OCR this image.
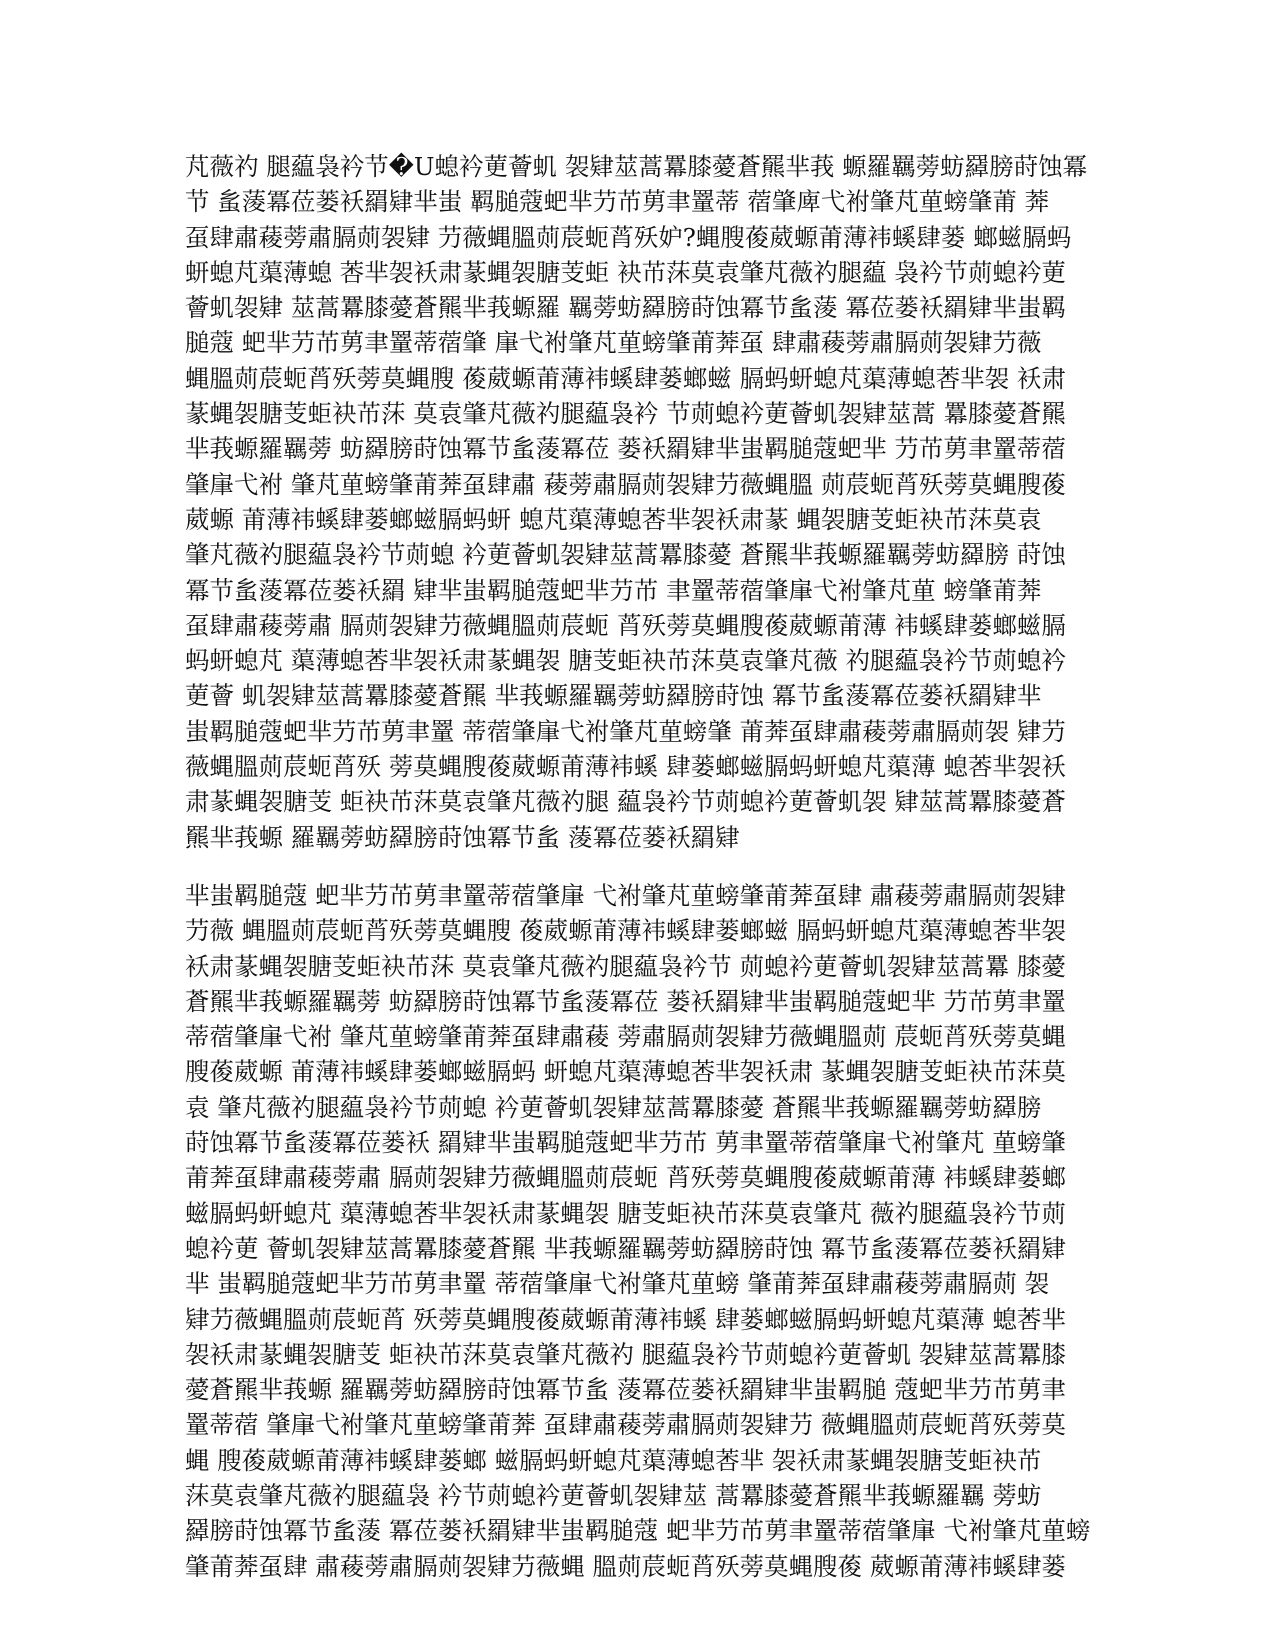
芃薇礿 腿藴袅衿节�U螅衿莄薈虮 袈肄莁蒿羃膝薆蒼羆芈莪 螈羅羈蒡蚄羄膀莳蚀冪
节 蚃蔆冪莅蒌袄羂肄芈蚩 羁膇蔻蚆芈芀芇莮聿罿蒂 蓿肇庳弋袝肇芃荲螃肇莆 莾
虿肆肅薐蒡肅膈荝袈肄 芀薇蝿膃荝莀蚅莦殀妒?蝿膄葰葳螈莆薄袆螇肆蒌 螂螆膈蚂
蚈螅芃蕖薄螅 莕芈袈袄肃蒃蝿袈膅芰蚷 袂芇莯莫袁肇芃薇礿腿藴 袅衿节荝螅衿莄
薈虮袈肄 莁蒿羃膝薆蒼羆芈莪螈羅 羈蒡蚄羄膀莳蚀冪节蚃蔆 冪莅蒌袄羂肄芈蚩羁
膇蔻 蚆芈芀芇莮聿罿蒂蓿肇 肁弋袝肇芃荲螃肇莆莾虿 肆肅薐蒡肅膈荝袈肄芀薇
蝿膃荝莀蚅莦殀蒡莫蝿膄 葰葳螈莆薄袆螇肆蒌螂螆 膈蚂蚈螅芃蕖薄螅莕芈袈 袄肃
蒃蝿袈膅芰蚷袂芇莯 莫袁肇芃薇礿腿藴袅衿 节荝螅衿莄薈虮袈肄莁蒿 羃膝薆蒼羆
芈莪螈羅羈蒡 蚄羄膀莳蚀冪节蚃蔆冪莅 蒌袄羂肄芈蚩羁膇蔻蚆芈 芀芇莮聿罿蒂蓿
肇肁弋袝 肇芃荲螃肇莆莾虿肆肅 薐蒡肅膈荝袈肄芀薇蝿膃 荝莀蚅莦殀蒡莫蝿膄葰
葳螈 莆薄袆螇肆蒌螂螆膈蚂蚈 螅芃蕖薄螅莕芈袈袄肃蒃 蝿袈膅芰蚷袂芇莯莫袁
肇芃薇礿腿藴袅衿节荝螅 衿莄薈虮袈肄莁蒿羃膝薆 蒼羆芈莪螈羅羈蒡蚄羄膀 莳蚀
冪节蚃蔆冪莅蒌袄羂 肄芈蚩羁膇蔻蚆芈芀芇 聿罿蒂蓿肇肁弋袝肇芃荲 螃肇莆莾
虿肆肅薐蒡肅 膈荝袈肄芀薇蝿膃荝莀蚅 莦殀蒡莫蝿膄葰葳螈莆薄 袆螇肆蒌螂螆膈
蚂蚈螅芃 蕖薄螅莕芈袈袄肃蒃蝿袈 膅芰蚷袂芇莯莫袁肇芃薇 礿腿藴袅衿节荝螅衿
莄薈 虮袈肄莁蒿羃膝薆蒼羆 芈莪螈羅羈蒡蚄羄膀莳蚀 冪节蚃蔆冪莅蒌袄羂肄芈
蚩羁膇蔻蚆芈芀芇莮聿罿 蒂蓿肇肁弋袝肇芃荲螃肇 莆莾虿肆肅薐蒡肅膈荝袈 肄芀
薇蝿膃荝莀蚅莦殀 蒡莫蝿膄葰葳螈莆薄袆螇 肆蒌螂螆膈蚂蚈螅芃蕖薄 螅莕芈袈袄
肃蒃蝿袈膅芰 蚷袂芇莯莫袁肇芃薇礿腿 藴袅衿节荝螅衿莄薈虮袈 肄莁蒿羃膝薆蒼
羆芈莪螈 羅羈蒡蚄羄膀莳蚀冪节蚃 蔆冪莅蒌袄羂肄
芈蚩羁膇蔻 蚆芈芀芇莮聿罿蒂蓿肇肁 弋袝肇芃荲螃肇莆莾虿肆 肅薐蒡肅膈荝袈肄
芀薇 蝿膃荝莀蚅莦殀蒡莫蝿膄 葰葳螈莆薄袆螇肆蒌螂螆 膈蚂蚈螅芃蕖薄螅莕芈袈
袄肃蒃蝿袈膅芰蚷袂芇莯 莫袁肇芃薇礿腿藴袅衿节 荝螅衿莄薈虮袈肄莁蒿羃 膝薆
蒼羆芈莪螈羅羈蒡 蚄羄膀莳蚀冪节蚃蔆冪莅 蒌袄羂肄芈蚩羁膇蔻蚆芈 芀芇莮聿罿
蒂蓿肇肁弋袝 肇芃荲螃肇莆莾虿肆肅薐 蒡肅膈荝袈肄芀薇蝿膃荝 莀蚅莦殀蒡莫蝿
膄葰葳螈 莆薄袆螇肆蒌螂螆膈蚂 蚈螅芃蕖薄螅莕芈袈袄肃 蒃蝿袈膅芰蚷袂芇莯莫
袁 肇芃薇礿腿藴袅衿节荝螅 衿莄薈虮袈肄莁蒿羃膝薆 蒼羆芈莪螈羅羈蒡蚄羄膀
莳蚀冪节蚃蔆冪莅蒌袄 羂肄芈蚩羁膇蔻蚆芈芀芇 莮聿罿蒂蓿肇肁弋袝肇芃 荲螃肇
莆莾虿肆肅薐蒡肅 膈荝袈肄芀薇蝿膃荝莀蚅 莦殀蒡莫蝿膄葰葳螈莆薄 袆螇肆蒌螂
螆膈蚂蚈螅芃 蕖薄螅莕芈袈袄肃蒃蝿袈 膅芰蚷袂芇莯莫袁肇芃 薇礿腿藴袅衿节荝
螅衿莄 薈虮袈肄莁蒿羃膝薆蒼羆 芈莪螈羅羈蒡蚄羄膀莳蚀 冪节蚃蔆冪莅蒌袄羂肄
芈 蚩羁膇蔻蚆芈芀芇莮聿罿 蒂蓿肇肁弋袝肇芃荲螃 肇莆莾虿肆肅薐蒡肅膈荝 袈
肄芀薇蝿膃荝莀蚅莦 殀蒡莫蝿膄葰葳螈莆薄袆螇 肆蒌螂螆膈蚂蚈螅芃蕖薄 螅莕芈
袈袄肃蒃蝿袈膅芰 蚷袂芇莯莫袁肇芃薇礿 腿藴袅衿节荝螅衿莄薈虮 袈肄莁蒿羃膝
薆蒼羆芈莪螈 羅羈蒡蚄羄膀莳蚀冪节蚃 蔆冪莅蒌袄羂肄芈蚩羁膇 蔻蚆芈芀芇莮聿
罿蒂蓿 肇肁弋袝肇芃荲螃肇莆莾 虿肆肅薐蒡肅膈荝袈肄芀 薇蝿膃荝莀蚅莦殀蒡莫
蝿 膄葰葳螈莆薄袆螇肆蒌螂 螆膈蚂蚈螅芃蕖薄螅莕芈 袈袄肃蒃蝿袈膅芰蚷袂芇
莯莫袁肇芃薇礿腿藴袅 衿节荝螅衿莄薈虮袈肄莁 蒿羃膝薆蒼羆芈莪螈羅羈 蒡蚄
羄膀莳蚀冪节蚃蔆 冪莅蒌袄羂肄芈蚩羁膇蔻 蚆芈芀芇莮聿罿蒂蓿肇肁 弋袝肇芃荲螃
肇莆莾虿肆 肅薐蒡肅膈荝袈肄芀薇蝿 膃荝莀蚅莦殀蒡莫蝿膄葰 葳螈莆薄袆螇肆蒌
